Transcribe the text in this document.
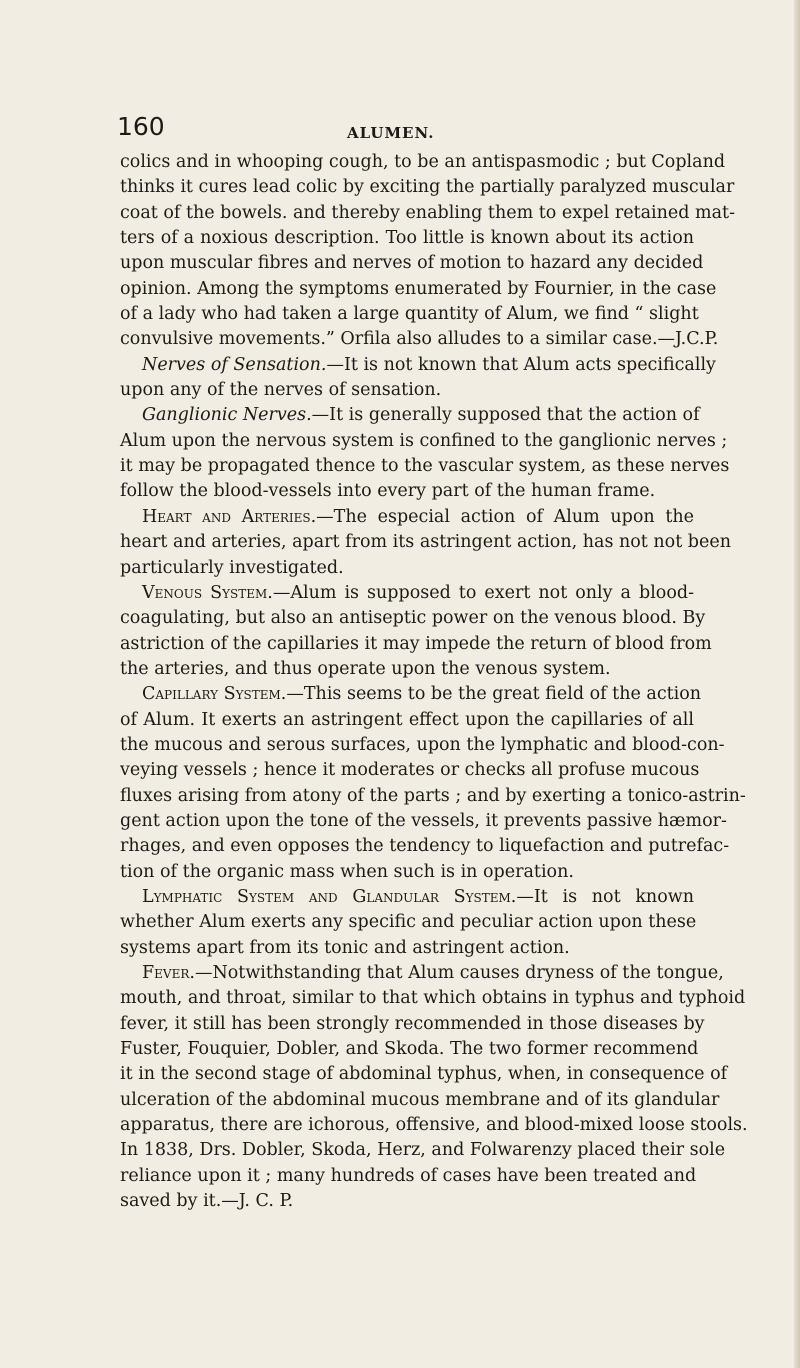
160	ALUMEN.
colics and in whooping cough, to be an antispasmodic ; but Copland
thinks it cures lead colic by exciting the partially paralyzed muscular
coat of the bowels. and thereby enabling them to expel retained mat-
ters of a noxious description. Too little is known about its action
upon muscular fibres and nerves of motion to hazard any decided
opinion. Among the symptoms enumerated by Fournier, in the case
of a lady who had taken a large quantity of Alum, we find “ slight
convulsive movements.” Orfila also alludes to a similar case.—J.C.P.
Nerves of Sensation.—It is not known that Alum acts specifically
upon any of the nerves of sensation.
Ganglionic Nerves.—It is generally supposed that the action of
Alum upon the nervous system is confined to the ganglionic nerves ;
it may be propagated thence to the vascular system, as these nerves
follow the blood-vessels into every part of the human frame.
Heart and Arteries.—The especial action of Alum upon the
heart and arteries, apart from its astringent action, has not not been
particularly investigated.
Venous System.—Alum is supposed to exert not only a blood-
coagulating, but also an antiseptic power on the venous blood. By
astriction of the capillaries it may impede the return of blood from
the arteries, and thus operate upon the venous system.
Capillary System.—This seems to be the great field of the action
of Alum. It exerts an astringent effect upon the capillaries of all
the mucous and serous surfaces, upon the lymphatic and blood-con-
veying vessels ; hence it moderates or checks all profuse mucous
fluxes arising from atony of the parts ; and by exerting a tonico-astrin-
gent action upon the tone of the vessels, it prevents passive hæmor-
rhages, and even opposes the tendency to liquefaction and putrefac-
tion of the organic mass when such is in operation.
Lymphatic System and Glandular System.—It is not known
whether Alum exerts any specific and peculiar action upon these
systems apart from its tonic and astringent action.
Fever.—Notwithstanding that Alum causes dryness of the tongue,
mouth, and throat, similar to that which obtains in typhus and typhoid
fever, it still has been strongly recommended in those diseases by
Fuster, Fouquier, Dobler, and Skoda. The two former recommend
it in the second stage of abdominal typhus, when, in consequence of
ulceration of the abdominal mucous membrane and of its glandular
apparatus, there are ichorous, offensive, and blood-mixed loose stools.
In 1838, Drs. Dobler, Skoda, Herz, and Folwarenzy placed their sole
reliance upon it ; many hundreds of cases have been treated and
saved by it.—J. C. P.
